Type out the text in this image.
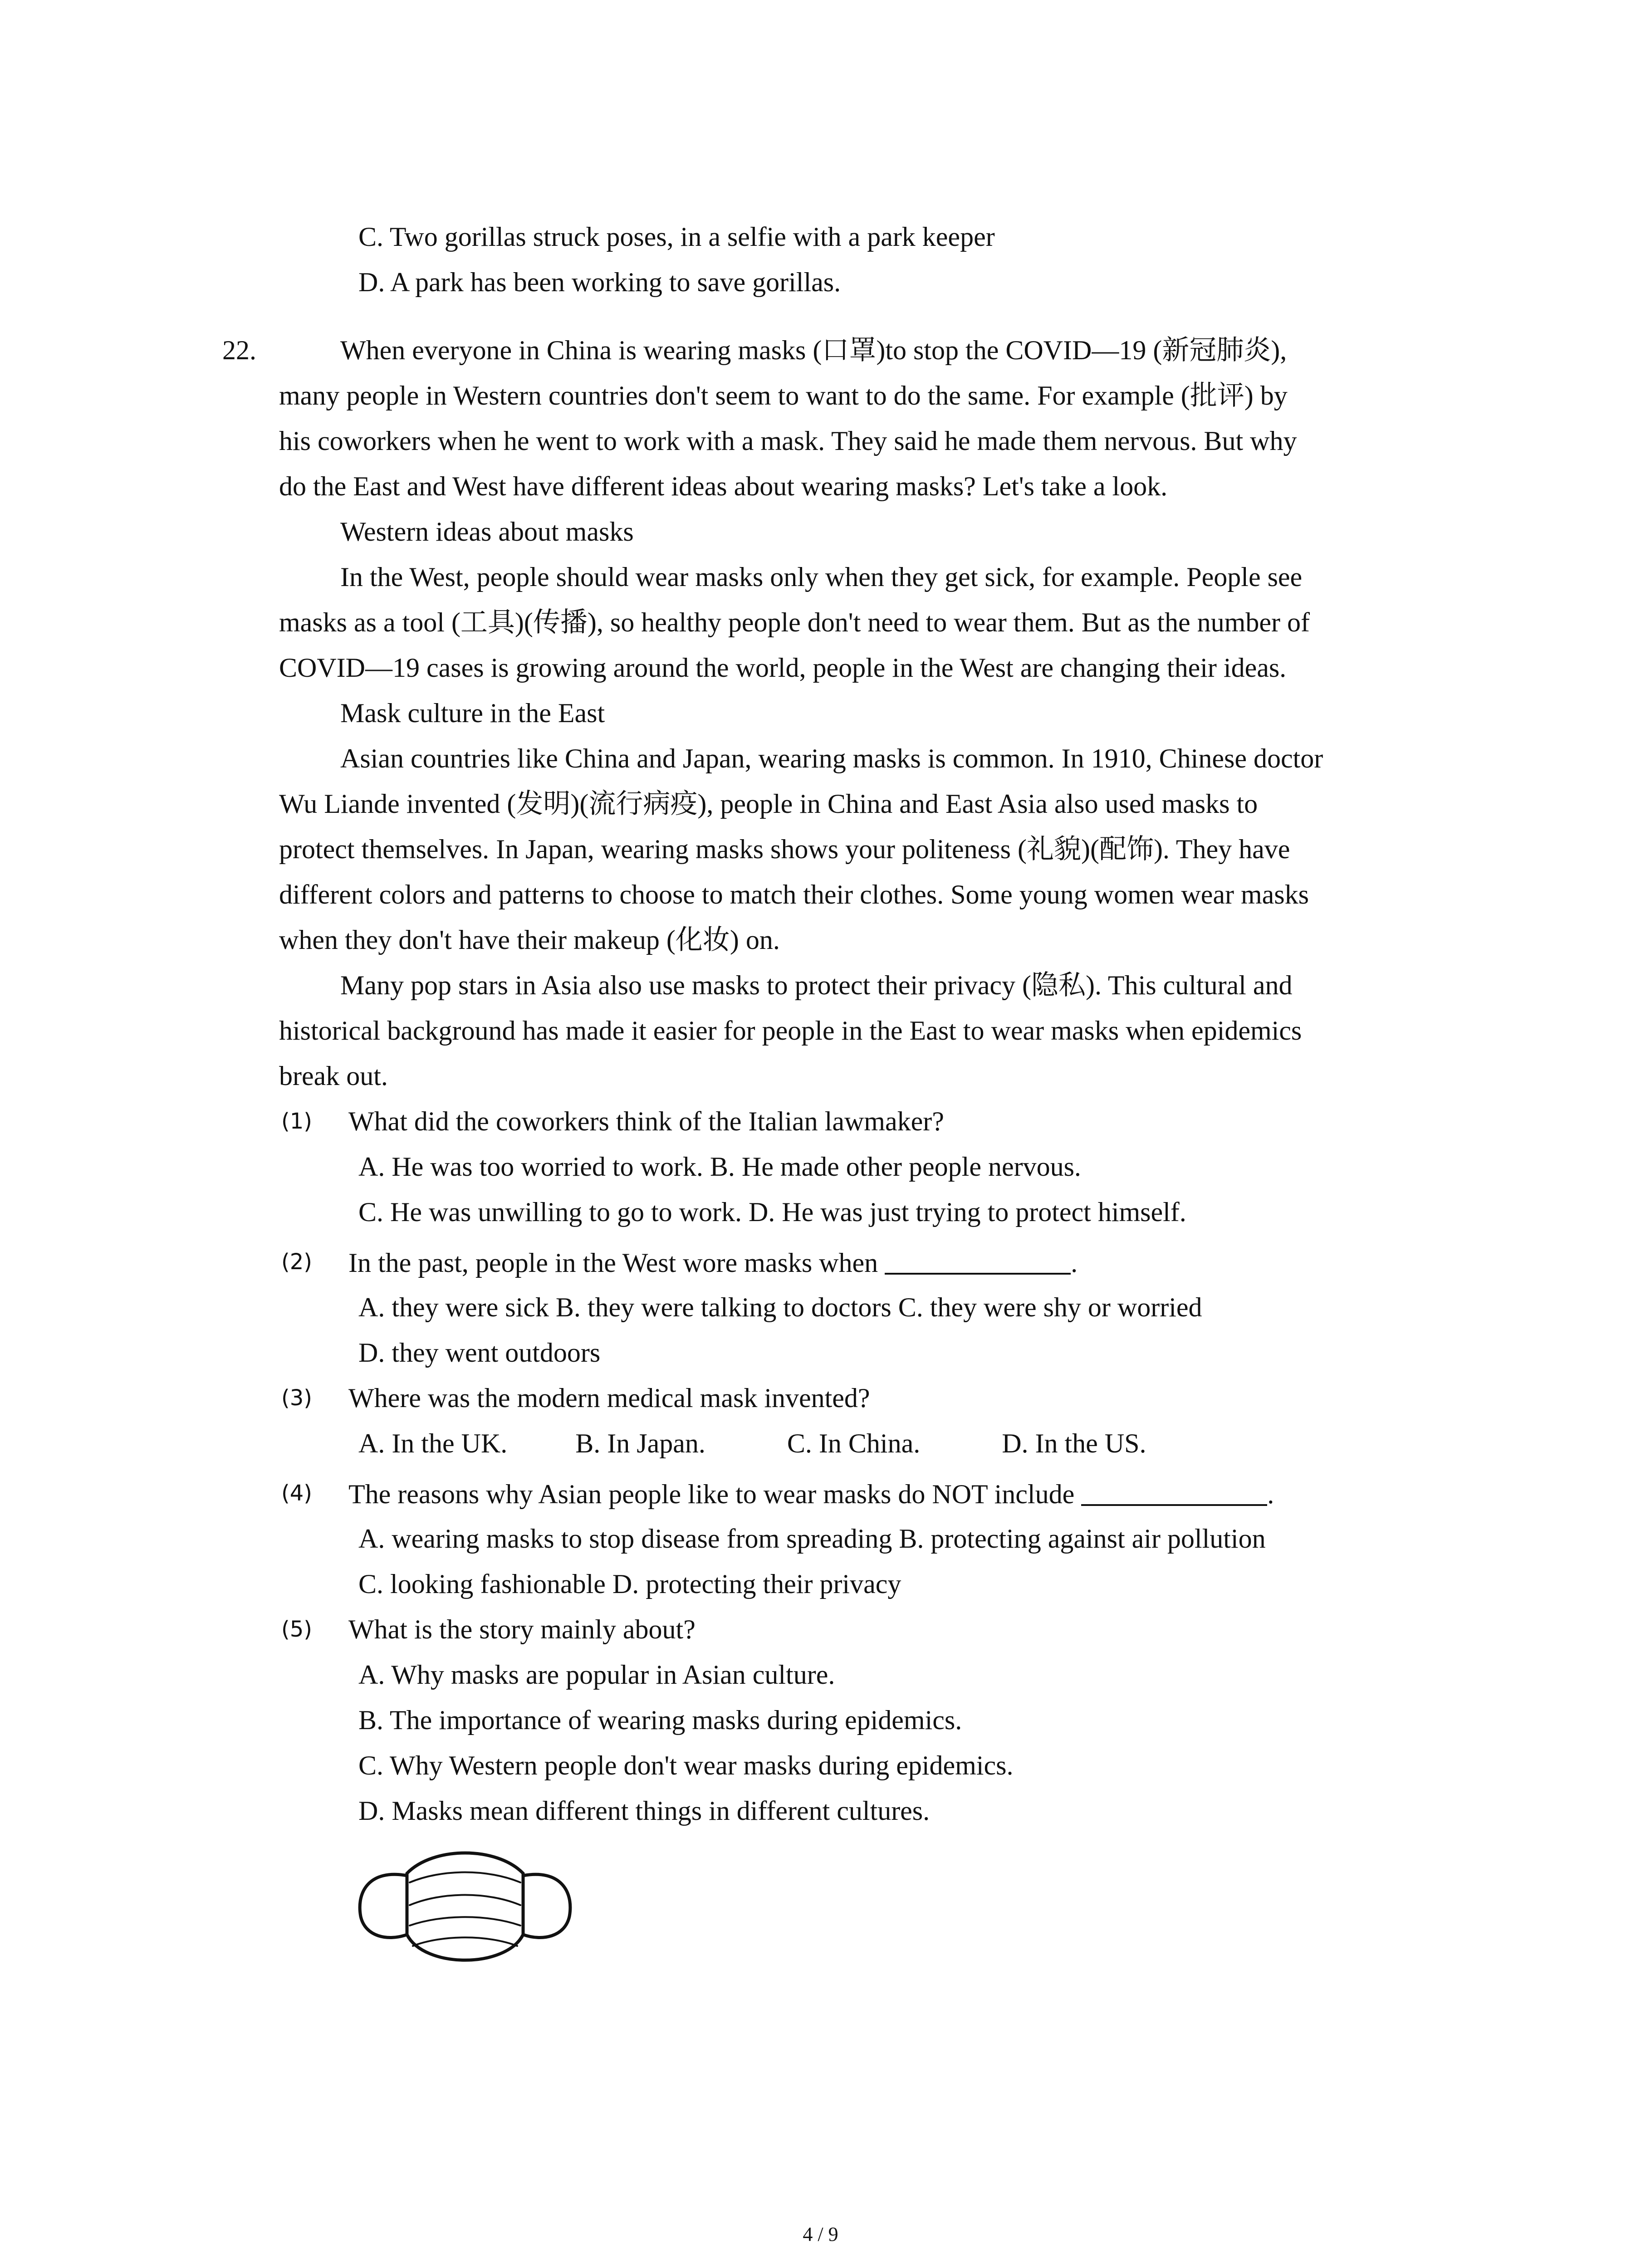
C. Two gorillas struck poses, in a selfie with a park keeper
D. A park has been working to save gorillas.
22.	When everyone in China is wearing masks (口罩)to stop the COVID—19 (新冠肺炎),
many people in Western countries don't seem to want to do the same. For example (批评) by
his coworkers when he went to work with a mask. They said he made them nervous. But why
do the East and West have different ideas about wearing masks? Let's take a look.
Western ideas about masks
In the West, people should wear masks only when they get sick, for example. People see
masks as a tool (工具)(传播), so healthy people don't need to wear them. But as the number of
COVID—19 cases is growing around the world, people in the West are changing their ideas.
Mask culture in the East
Asian countries like China and Japan, wearing masks is common. In 1910, Chinese doctor
Wu Liande invented (发明)(流行病疫), people in China and East Asia also used masks to
protect themselves. In Japan, wearing masks shows your politeness (礼貌)(配饰). They have
different colors and patterns to choose to match their clothes. Some young women wear masks
when they don't have their makeup (化妆) on.
Many pop stars in Asia also use masks to protect their privacy (隐私). This cultural and
historical background has made it easier for people in the East to wear masks when epidemics
break out.
(1) What did the coworkers think of the Italian lawmaker?
A. He was too worried to work. B. He made other people nervous.
C. He was unwilling to go to work. D. He was just trying to protect himself.
(2) In the past, people in the West wore masks when	.
A. they were sick B. they were talking to doctors C. they were shy or worried
D. they went outdoors
(3) Where was the modern medical mask invented?
A. In the UK.          B. In Japan.            C. In China.            D. In the US.
(4) The reasons why Asian people like to wear masks do NOT include	.
A. wearing masks to stop disease from spreading B. protecting against air pollution
C. looking fashionable D. protecting their privacy
(5) What is the story mainly about?
A. Why masks are popular in Asian culture.
B. The importance of wearing masks during epidemics.
C. Why Western people don't wear masks during epidemics.
D. Masks mean different things in different cultures.
4 / 9
